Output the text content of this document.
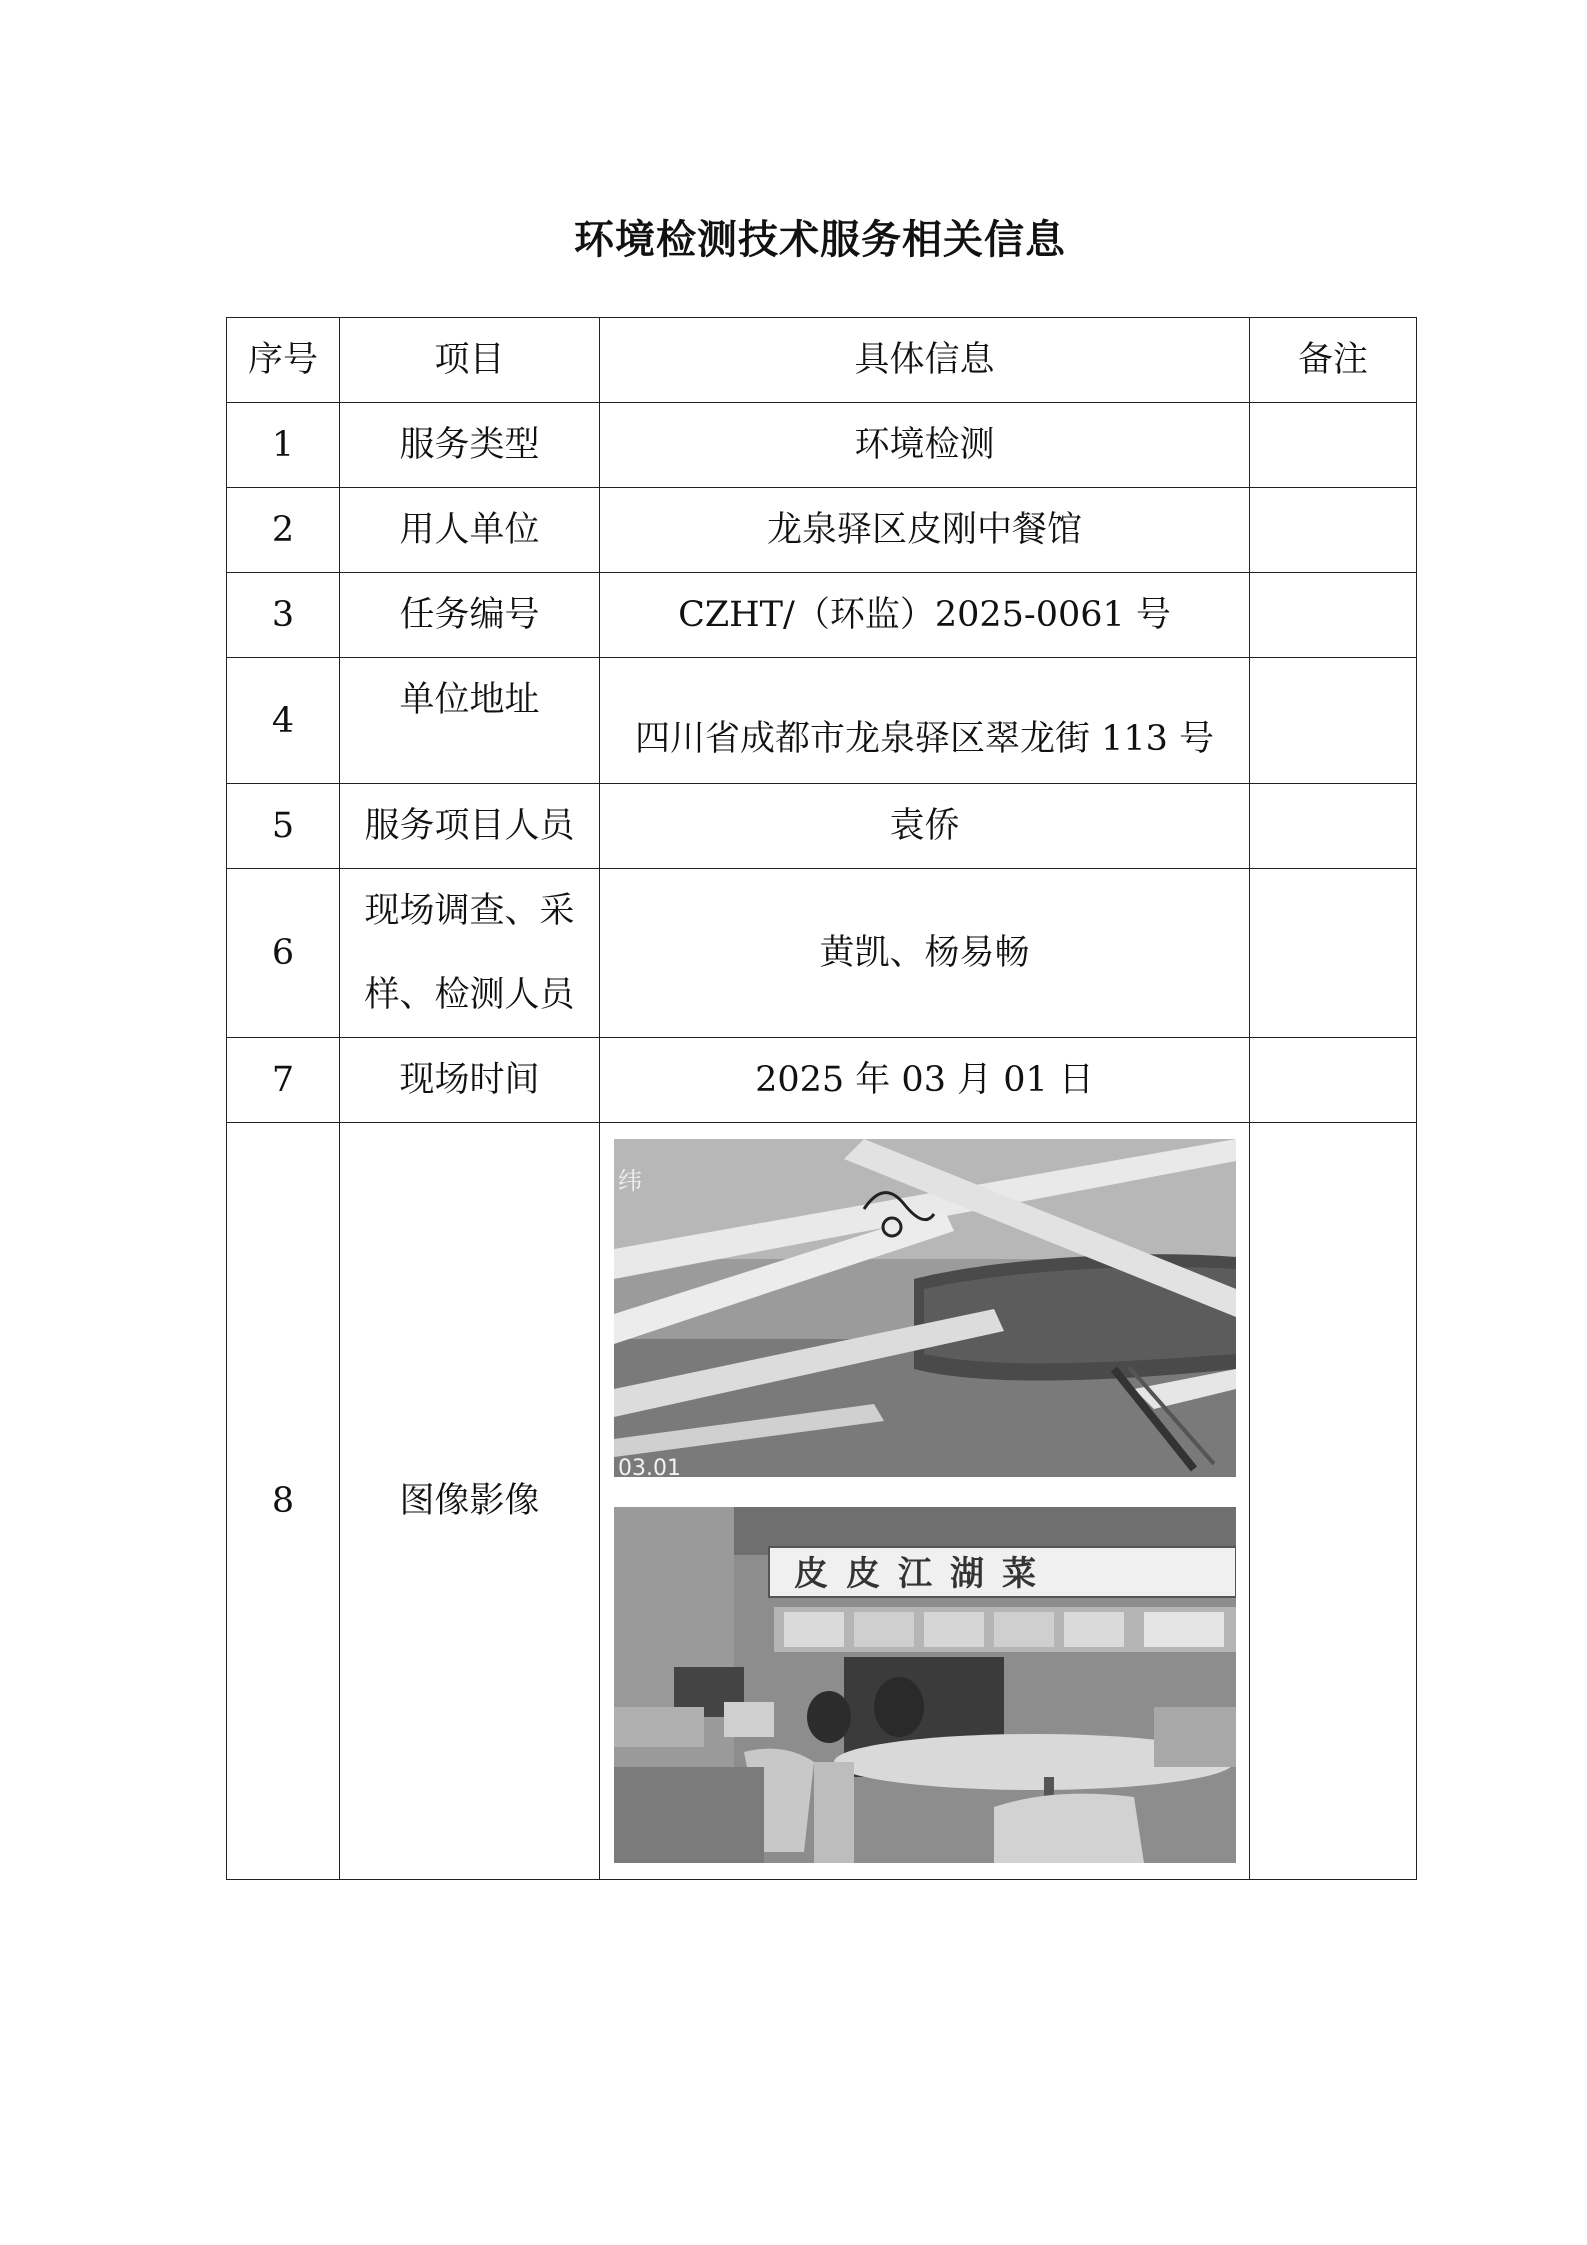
环境检测技术服务相关信息
序号	项目	具体信息	备注
1	服务类型	环境检测	
2	用人单位	龙泉驿区皮刚中餐馆	
3	任务编号	CZHT/（环监）2025-0061 号	
4	单位地址	四川省成都市龙泉驿区翠龙街 113 号	
5	服务项目人员	袁侨	
6	现场调查、采样、检测人员	黄凯、杨易畅	
7	现场时间	2025 年 03 月 01 日	
8	图像影像	纬
03.01
皮皮江湖菜	
